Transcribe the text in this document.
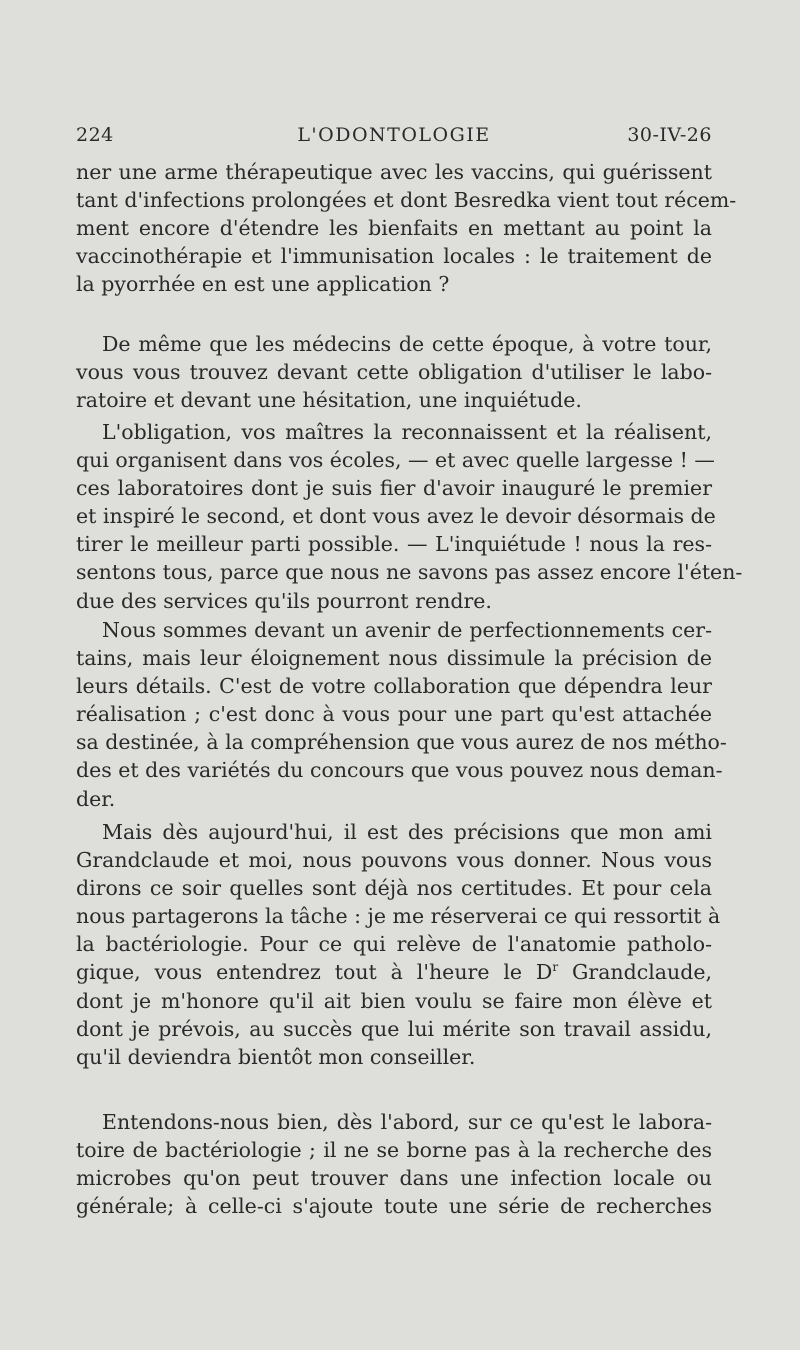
L'ODONTOLOGIE
224	30-IV-26
ner une arme thérapeutique avec les vaccins, qui guérissent
tant d'infections prolongées et dont Besredka vient tout récem-
ment encore d'étendre les bienfaits en mettant au point la
vaccinothérapie et l'immunisation locales : le traitement de
la pyorrhée en est une application ?
De même que les médecins de cette époque, à votre tour,
vous vous trouvez devant cette obligation d'utiliser le labo-
ratoire et devant une hésitation, une inquiétude.
L'obligation, vos maîtres la reconnaissent et la réalisent,
qui organisent dans vos écoles, — et avec quelle largesse ! —
ces laboratoires dont je suis fier d'avoir inauguré le premier
et inspiré le second, et dont vous avez le devoir désormais de
tirer le meilleur parti possible. — L'inquiétude ! nous la res-
sentons tous, parce que nous ne savons pas assez encore l'éten-
due des services qu'ils pourront rendre.
Nous sommes devant un avenir de perfectionnements cer-
tains, mais leur éloignement nous dissimule la précision de
leurs détails. C'est de votre collaboration que dépendra leur
réalisation ; c'est donc à vous pour une part qu'est attachée
sa destinée, à la compréhension que vous aurez de nos métho-
des et des variétés du concours que vous pouvez nous deman-
der.
Mais dès aujourd'hui, il est des précisions que mon ami
Grandclaude et moi, nous pouvons vous donner. Nous vous
dirons ce soir quelles sont déjà nos certitudes. Et pour cela
nous partagerons la tâche : je me réserverai ce qui ressortit à
la bactériologie. Pour ce qui relève de l'anatomie patholo-
gique, vous entendrez tout à l'heure le $D^r$ Grandclaude,
dont je m'honore qu'il ait bien voulu se faire mon élève et
dont je prévois, au succès que lui mérite son travail assidu,
qu'il deviendra bientôt mon conseiller.
Entendons-nous bien, dès l'abord, sur ce qu'est le labora-
toire de bactériologie ; il ne se borne pas à la recherche des
microbes qu'on peut trouver dans une infection locale ou
générale; à celle-ci s'ajoute toute une série de recherches
